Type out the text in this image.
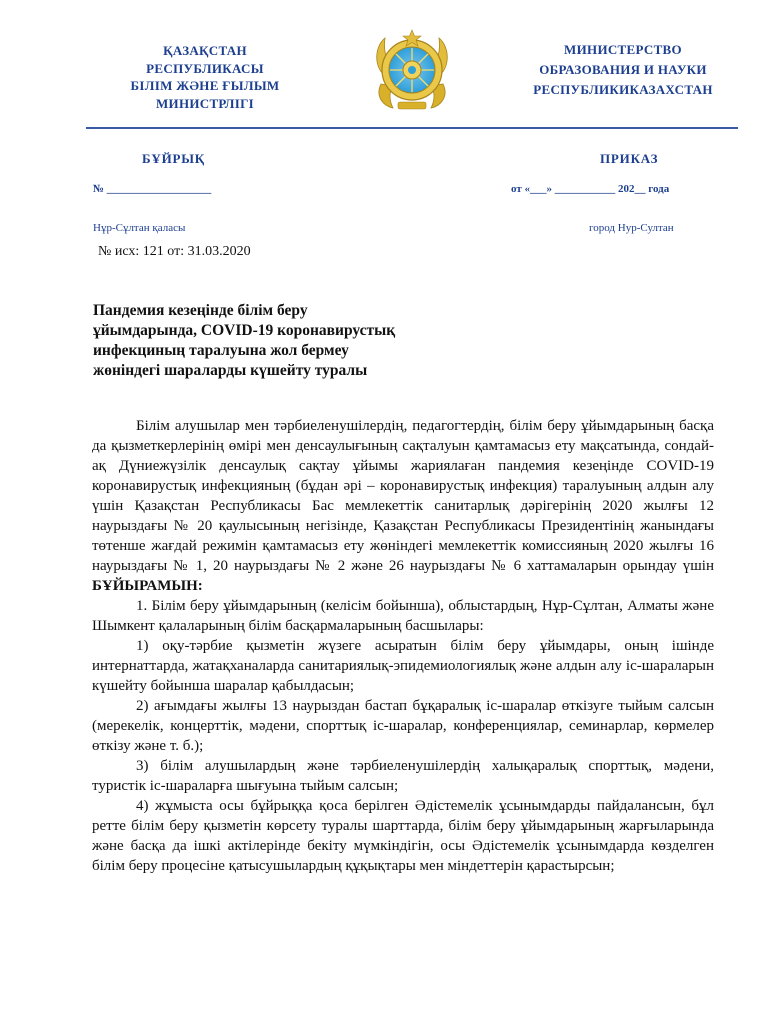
ҚАЗАҚСТАН
РЕСПУБЛИКАСЫ
БІЛІМ ЖӘНЕ ҒЫЛЫМ
МИНИСТРЛІГІ
МИНИСТЕРСТВО
ОБРАЗОВАНИЯ И НАУКИ
РЕСПУБЛИКИКАЗАХСТАН
БҰЙРЫҚ	ПРИКАЗ
№ ___________________	от «___» ___________ 202__ года
Нұр-Сұлтан қаласы	город Нур-Султан
№ исх: 121 от: 31.03.2020
Пандемия кезеңінде білім беру
ұйымдарында, COVID-19 коронавирустық
инфекциның таралуына жол бермеу
жөніндегі шараларды күшейту туралы

Білім алушылар мен тәрбиеленушілердің, педагогтердің, білім беру ұйымдарының басқа да қызметкерлерінің өмірі мен денсаулығының сақталуын қамтамасыз ету мақсатында, сондай-ақ Дүниежүзілік денсаулық сақтау ұйымы жариялаған пандемия кезеңінде COVID-19 коронавирустық инфекцияның (бұдан әрі – коронавирустық инфекция) таралуының алдын алу үшін Қазақстан Республикасы Бас мемлекеттік санитарлық дәрігерінің 2020 жылғы 12 наурыздағы № 20 қаулысының негізінде, Қазақстан Республикасы Президентінің жанындағы төтенше жағдай режимін қамтамасыз ету жөніндегі мемлекеттік комиссияның 2020 жылғы 16 наурыздағы № 1, 20 наурыздағы № 2 және 26 наурыздағы № 6 хаттамаларын орындау үшін БҰЙЫРАМЫН:

1. Білім беру ұйымдарының (келісім бойынша), облыстардың, Нұр-Сұлтан, Алматы және Шымкент қалаларының білім басқармаларының басшылары:

1) оқу-тәрбие қызметін жүзеге асыратын білім беру ұйымдары, оның ішінде интернаттарда, жатақханаларда санитариялық-эпидемиологиялық және алдын алу іс-шараларын күшейту бойынша шаралар қабылдасын;

2) ағымдағы жылғы 13 наурыздан бастап бұқаралық іс-шаралар өткізуге тыйым салсын (мерекелік, концерттік, мәдени, спорттық іс-шаралар, конференциялар, семинарлар, көрмелер өткізу және т. б.);

3) білім алушылардың және тәрбиеленушілердің халықаралық спорттық, мәдени, туристік іс-шараларға шығуына тыйым салсын;

4) жұмыста осы бұйрыққа қоса берілген Әдістемелік ұсынымдарды пайдалансын, бұл ретте білім беру қызметін көрсету туралы шарттарда, білім беру ұйымдарының жарғыларында және басқа да ішкі актілерінде бекіту мүмкіндігін, осы Әдістемелік ұсынымдарда көзделген білім беру процесіне қатысушылардың құқықтары мен міндеттерін қарастырсын;
